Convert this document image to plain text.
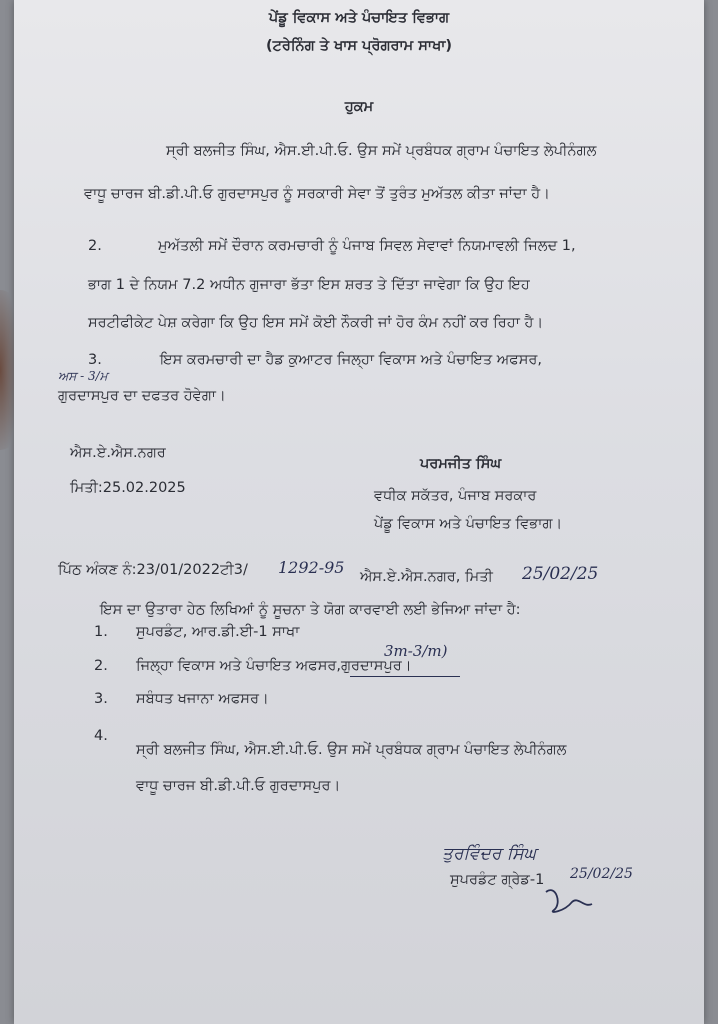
ਪੇਂਡੂ ਵਿਕਾਸ ਅਤੇ ਪੰਚਾਇਤ ਵਿਭਾਗ
(ਟਰੇਨਿੰਗ ਤੇ ਖਾਸ ਪ੍ਰੋਗਰਾਮ ਸਾਖਾ)
ਹੁਕਮ
ਸ੍ਰੀ ਬਲਜੀਤ ਸਿੰਘ, ਐਸ.ਈ.ਪੀ.ਓ. ਉਸ ਸਮੇਂ ਪ੍ਰਬੰਧਕ ਗ੍ਰਾਮ ਪੰਚਾਇਤ ਲੇਪੀਨੰਗਲ
ਵਾਧੂ ਚਾਰਜ ਬੀ.ਡੀ.ਪੀ.ਓ ਗੁਰਦਾਸਪੁਰ ਨੂੰ ਸਰਕਾਰੀ ਸੇਵਾ ਤੋਂ ਤੁਰੰਤ ਮੁਅੱਤਲ ਕੀਤਾ ਜਾਂਦਾ ਹੈ।
2.	ਮੁਅੱਤਲੀ ਸਮੇਂ ਦੌਰਾਨ ਕਰਮਚਾਰੀ ਨੂੰ ਪੰਜਾਬ ਸਿਵਲ ਸੇਵਾਵਾਂ ਨਿਯਮਾਵਲੀ ਜਿਲਦ 1,
ਭਾਗ 1 ਦੇ ਨਿਯਮ 7.2 ਅਧੀਨ ਗੁਜਾਰਾ ਭੱਤਾ ਇਸ ਸ਼ਰਤ ਤੇ ਦਿੱਤਾ ਜਾਵੇਗਾ ਕਿ ਉਹ ਇਹ
ਸਰਟੀਫੀਕੇਟ ਪੇਸ਼ ਕਰੇਗਾ ਕਿ ਉਹ ਇਸ ਸਮੇਂ ਕੋਈ ਨੌਕਰੀ ਜਾਂ ਹੋਰ ਕੰਮ ਨਹੀਂ ਕਰ ਰਿਹਾ ਹੈ।
3.	ਇਸ ਕਰਮਚਾਰੀ ਦਾ ਹੈਡ ਕੁਆਟਰ ਜਿਲ੍ਹਾ ਵਿਕਾਸ ਅਤੇ ਪੰਚਾਇਤ ਅਫਸਰ,
ਅਸ - 3/ਮ
ਗੁਰਦਾਸਪੁਰ ਦਾ ਦਫਤਰ ਹੋਵੇਗਾ।
ਐਸ.ਏ.ਐਸ.ਨਗਰ
ਮਿਤੀ:25.02.2025
ਪਰਮਜੀਤ ਸਿੰਘ
ਵਧੀਕ ਸਕੱਤਰ, ਪੰਜਾਬ ਸਰਕਾਰ
ਪੇਂਡੂ ਵਿਕਾਸ ਅਤੇ ਪੰਚਾਇਤ ਵਿਭਾਗ।
ਪਿੱਠ ਅੰਕਣ ਨੰ:23/01/2022ਟੀ3/ 1292-95 ਐਸ.ਏ.ਐਸ.ਨਗਰ, ਮਿਤੀ 25/02/25
ਇਸ ਦਾ ਉਤਾਰਾ ਹੇਠ ਲਿਖਿਆਂ ਨੂੰ ਸੂਚਨਾ ਤੇ ਯੋਗ ਕਾਰਵਾਈ ਲਈ ਭੇਜਿਆ ਜਾਂਦਾ ਹੈ:
1. ਸੁਪਰਡੰਟ, ਆਰ.ਡੀ.ਈ-1 ਸਾਖਾ
3m-3/m)
2. ਜਿਲ੍ਹਾ ਵਿਕਾਸ ਅਤੇ ਪੰਚਾਇਤ ਅਫਸਰ,ਗੁਰਦਾਸਪੁਰ।
3. ਸਬੰਧਤ ਖਜਾਨਾ ਅਫਸਰ।
4.
ਸ੍ਰੀ ਬਲਜੀਤ ਸਿੰਘ, ਐਸ.ਈ.ਪੀ.ਓ. ਉਸ ਸਮੇਂ ਪ੍ਰਬੰਧਕ ਗ੍ਰਾਮ ਪੰਚਾਇਤ ਲੇਪੀਨੰਗਲ
ਵਾਧੂ ਚਾਰਜ ਬੀ.ਡੀ.ਪੀ.ਓ ਗੁਰਦਾਸਪੁਰ।
ਤੁਰਵਿੰਦਰ ਸਿੰਘ
ਸੁਪਰਡੰਟ ਗ੍ਰੇਡ-1 25/02/25
